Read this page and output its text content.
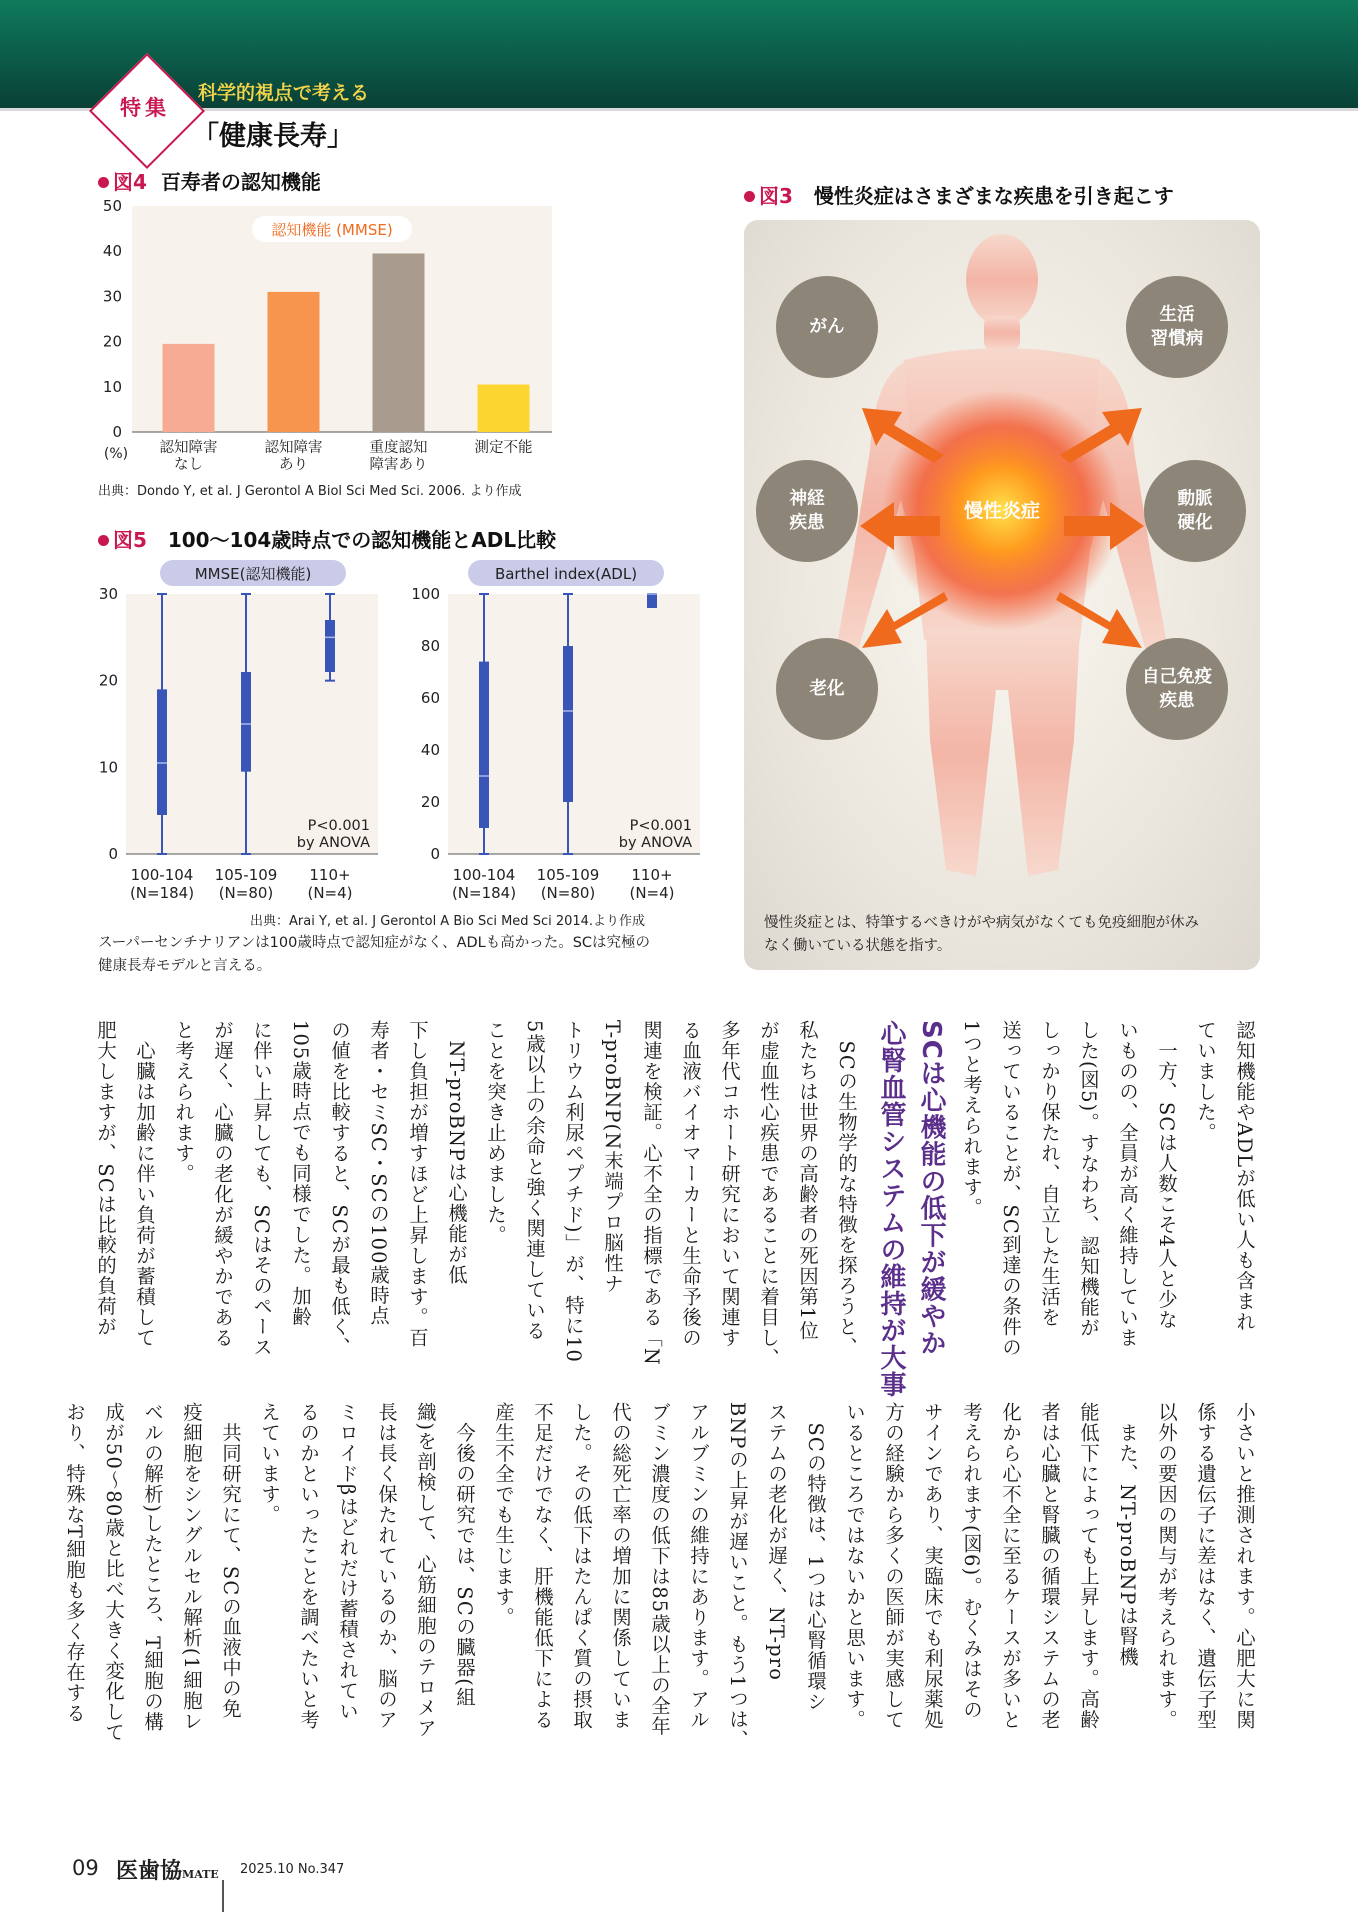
特集
科学的視点で考える
「健康長寿」
図4 百寿者の認知機能
0
10
20
30
40
50
(%)
認知機能 (MMSE)
認知障害
なし
認知障害
あり
重度認知
障害あり
測定不能
出典：Dondo Y, et al. J Gerontol A Biol Sci Med Sci. 2006. より作成
図5 100〜104歳時点での認知機能とADL比較
MMSE(認知機能)
0
10
20
30
100-104
(N=184)
105-109
(N=80)
110+
(N=4)
P<0.001
by ANOVA
Barthel index(ADL)
0
20
40
60
80
100
100-104
(N=184)
105-109
(N=80)
110+
(N=4)
P<0.001
by ANOVA
出典：Arai Y, et al. J Gerontol A Bio Sci Med Sci 2014.より作成
スーパーセンチナリアンは100歳時点で認知症がなく、ADLも高かった。SCは究極の
健康長寿モデルと言える。
図3 慢性炎症はさまざまな疾患を引き起こす
慢性炎症
がん
生活
習慣病
神経
疾患
動脈
硬化
老化
自己免疫
疾患
慢性炎症とは、特筆するべきけがや病気がなくても免疫細胞が休み
なく働いている状態を指す。
認知機能やADLが低い人も含まれ
ていました。
　一方、SCは人数こそ4人と少な
いものの、全員が高く維持していま
した(図5)。すなわち、認知機能が
しっかり保たれ、自立した生活を
送っていることが、SC到達の条件の
1つと考えられます。
SCは心機能の低下が緩やか
心腎血管システムの維持が大事
　SCの生物学的な特徴を探ろうと、
私たちは世界の高齢者の死因第1位
が虚血性心疾患であることに着目し、
多年代コホート研究において関連す
る血液バイオマーカーと生命予後の
関連を検証。心不全の指標である「N
T-proBNP(N末端プロ脳性ナ
トリウム利尿ペプチド)」が、特に10
5歳以上の余命と強く関連している
ことを突き止めました。
　NT-proBNPは心機能が低
下し負担が増すほど上昇します。百
寿者・セミSC・SCの100歳時点
の値を比較すると、SCが最も低く、
105歳時点でも同様でした。加齢
に伴い上昇しても、SCはそのペース
が遅く、心臓の老化が緩やかである
と考えられます。
　心臓は加齢に伴い負荷が蓄積して
肥大しますが、SCは比較的負荷が
小さいと推測されます。心肥大に関
係する遺伝子に差はなく、遺伝子型
以外の要因の関与が考えられます。
　また、NT-proBNPは腎機
能低下によっても上昇します。高齢
者は心臓と腎臓の循環システムの老
化から心不全に至るケースが多いと
考えられます(図6)。むくみはその
サインであり、実臨床でも利尿薬処
方の経験から多くの医師が実感して
いるところではないかと思います。
　SCの特徴は、1つは心腎循環シ
ステムの老化が遅く、NT-pro
BNPの上昇が遅いこと。もう1つは、
アルブミンの維持にあります。アル
ブミン濃度の低下は85歳以上の全年
代の総死亡率の増加に関係していま
した。その低下はたんぱく質の摂取
不足だけでなく、肝機能低下による
産生不全でも生じます。
　今後の研究では、SCの臓器(組
織)を剖検して、心筋細胞のテロメア
長は長く保たれているのか、脳のア
ミロイドβはどれだけ蓄積されてい
るのかといったことを調べたいと考
えています。
　共同研究にて、SCの血液中の免
疫細胞をシングルセル解析(1細胞レ
ベルの解析)したところ、T細胞の構
成が50〜80歳と比べ大きく変化して
おり、特殊なT細胞も多く存在する
09 医歯協MATE 2025.10 No.347
